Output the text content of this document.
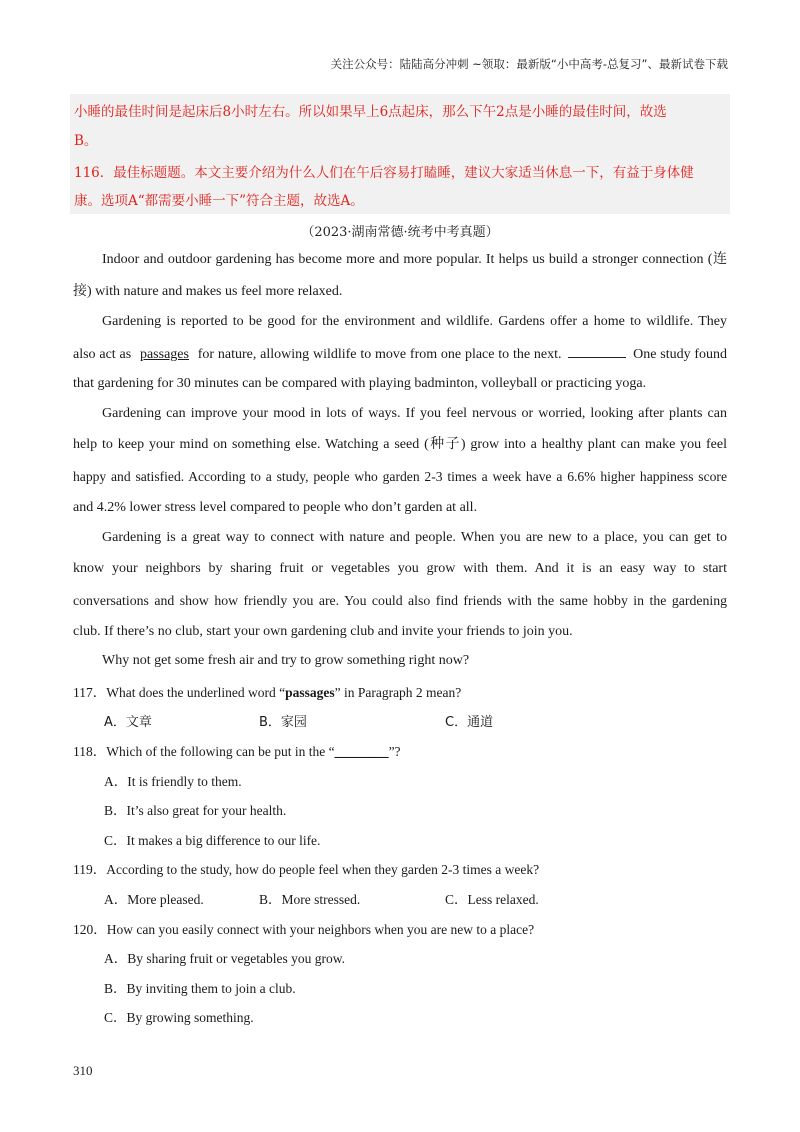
关注公众号：陆陆高分冲刺 ~领取：最新版“小中高考-总复习”、最新试卷下载
小睡的最佳时间是起床后8小时左右。所以如果早上6点起床，那么下午2点是小睡的最佳时间，故选
B。
116．最佳标题题。本文主要介绍为什么人们在午后容易打瞌睡，建议大家适当休息一下，有益于身体健
康。选项A“都需要小睡一下”符合主题，故选A。
（2023·湖南常德·统考中考真题）
Indoor and outdoor gardening has become more and more popular. It helps us build a stronger connection (连
接) with nature and makes us feel more relaxed.
Gardening is reported to be good for the environment and wildlife. Gardens offer a home to wildlife. They
also act as passages for nature, allowing wildlife to move from one place to the next.	One study found
that gardening for 30 minutes can be compared with playing badminton, volleyball or practicing yoga.
Gardening can improve your mood in lots of ways. If you feel nervous or worried, looking after plants can
help to keep your mind on something else. Watching a seed (种子) grow into a healthy plant can make you feel
happy and satisfied. According to a study, people who garden 2-3 times a week have a 6.6% higher happiness score
and 4.2% lower stress level compared to people who don’t garden at all.
Gardening is a great way to connect with nature and people. When you are new to a place, you can get to
know your neighbors by sharing fruit or vegetables you grow with them. And it is an easy way to start
conversations and show how friendly you are. You could also find friends with the same hobby in the gardening
club. If there’s no club, start your own gardening club and invite your friends to join you.
Why not get some fresh air and try to grow something right now?
117．What does the underlined word “passages” in Paragraph 2 mean?
A．文章	B．家园	C．通道
118．Which of the following can be put in the “________”?
A．It is friendly to them.
B．It’s also great for your health.
C．It makes a big difference to our life.
119．According to the study, how do people feel when they garden 2-3 times a week?
A．More pleased.	B．More stressed.	C．Less relaxed.
120．How can you easily connect with your neighbors when you are new to a place?
A．By sharing fruit or vegetables you grow.
B．By inviting them to join a club.
C．By growing something.
310
